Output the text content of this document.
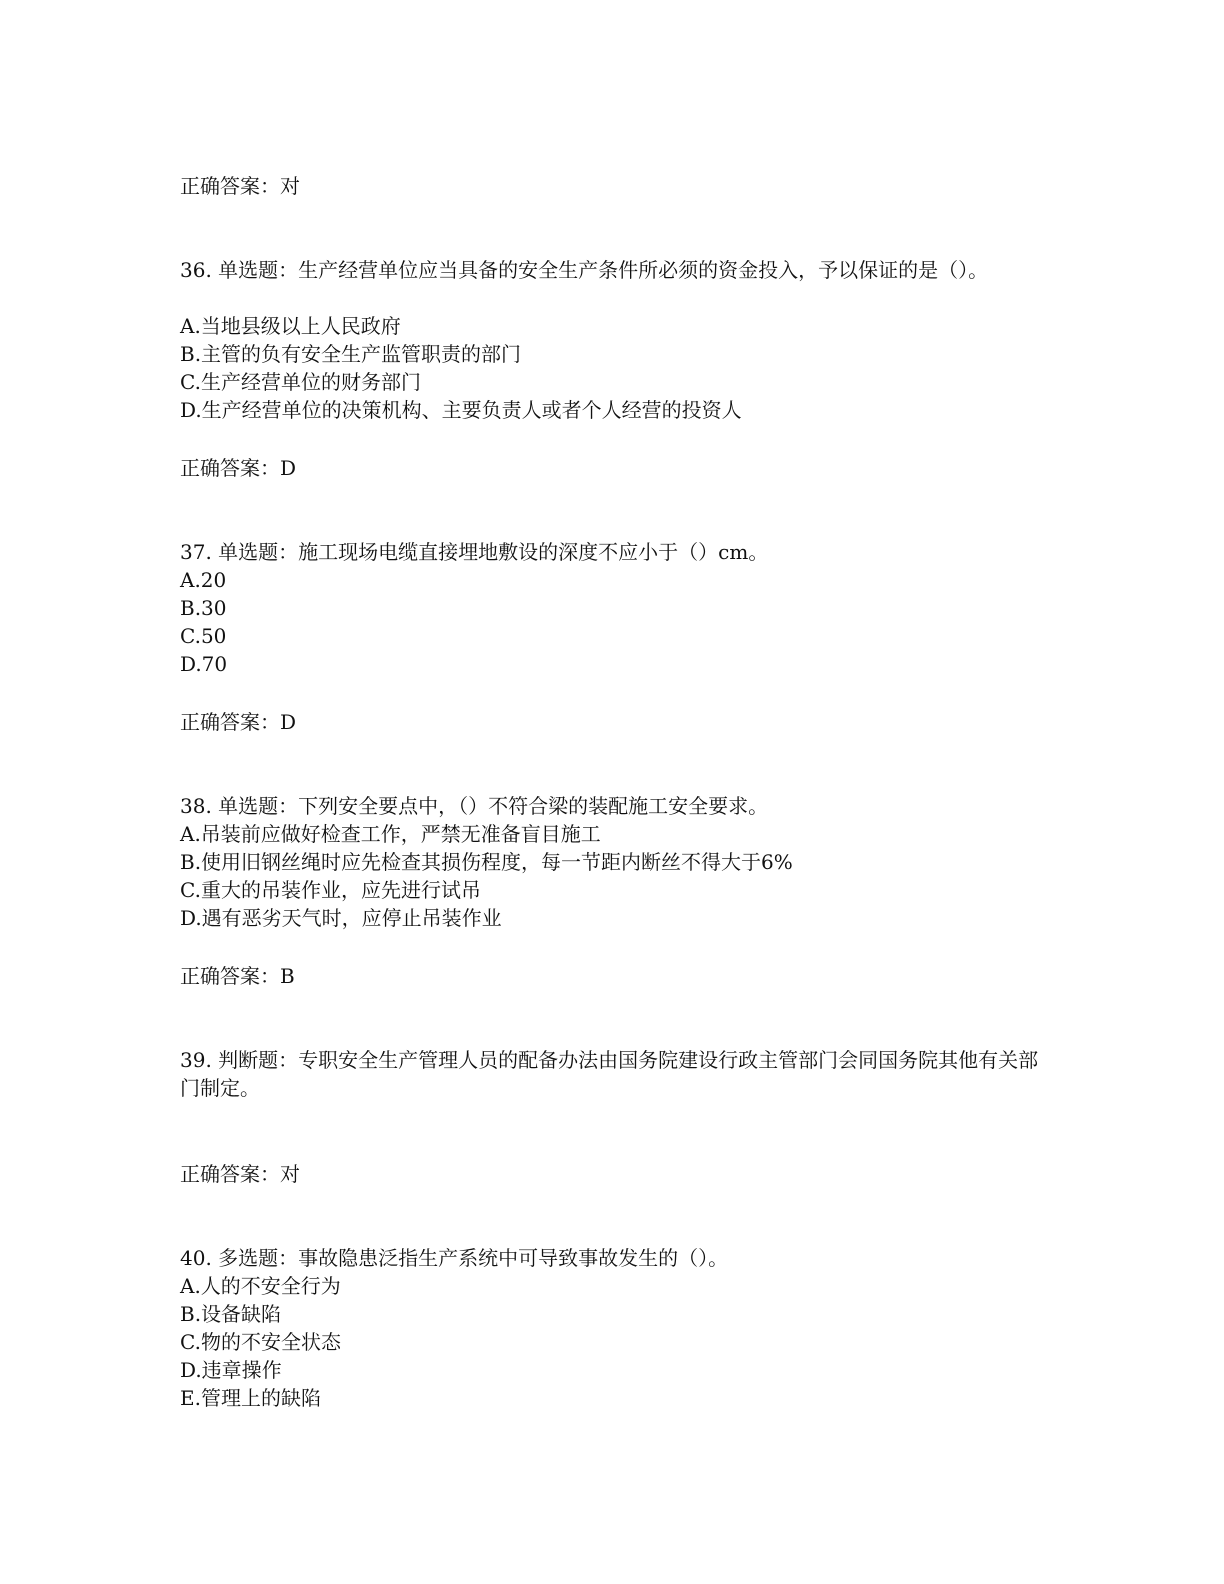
正确答案：对
36. 单选题：生产经营单位应当具备的安全生产条件所必须的资金投入，予以保证的是（）。
A.当地县级以上人民政府
B.主管的负有安全生产监管职责的部门
C.生产经营单位的财务部门
D.生产经营单位的决策机构、主要负责人或者个人经营的投资人
正确答案：D
37. 单选题：施工现场电缆直接埋地敷设的深度不应小于（）cm。
A.20
B.30
C.50
D.70
正确答案：D
38. 单选题：下列安全要点中，（）不符合梁的装配施工安全要求。
A.吊装前应做好检查工作，严禁无准备盲目施工
B.使用旧钢丝绳时应先检查其损伤程度，每一节距内断丝不得大于6%
C.重大的吊装作业，应先进行试吊
D.遇有恶劣天气时，应停止吊装作业
正确答案：B
39. 判断题：专职安全生产管理人员的配备办法由国务院建设行政主管部门会同国务院其他有关部门制定。
正确答案：对
40. 多选题：事故隐患泛指生产系统中可导致事故发生的（）。
A.人的不安全行为
B.设备缺陷
C.物的不安全状态
D.违章操作
E.管理上的缺陷
